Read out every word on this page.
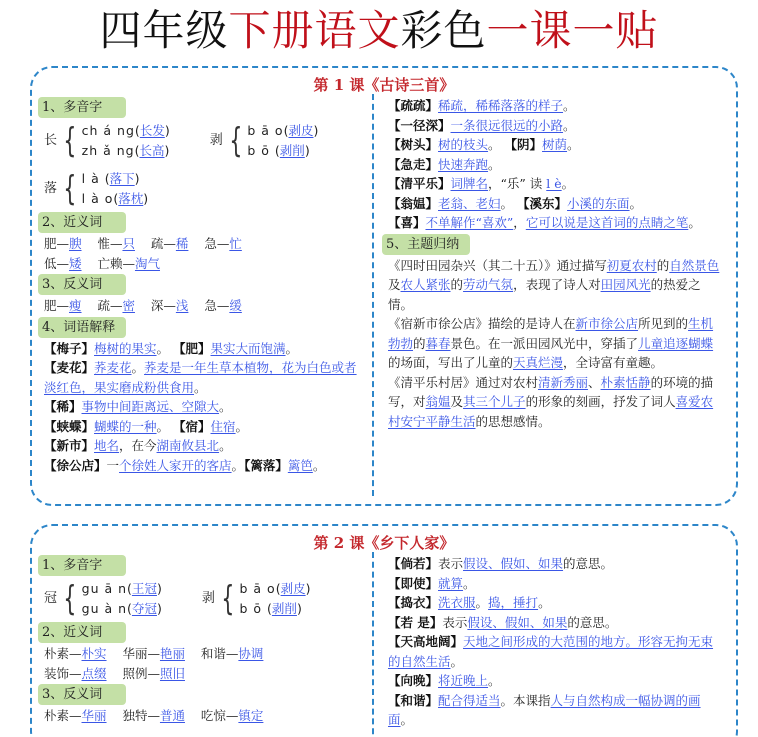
四年级下册语文彩色一课一贴
第 1 课《古诗三首》
1、多音字
长 { ch á ng(长发)
zh ǎ ng(长高)
剥 { b ā o(剥皮)
b ō (剥削)
落 { l à (落下)
l à o(落枕)
2、近义词
肥—腴 惟—只 疏—稀 急—忙
低—矮 亡赖—淘气
3、反义词
肥—瘦 疏—密 深—浅 急—缓
4、词语解释
【梅子】梅树的果实。 【肥】果实大而饱满。
【麦花】荞麦花。荞麦是一年生草本植物，花为白色或者淡红色，果实磨成粉供食用。
【稀】事物中间距离远、空隙大。
【蛱蝶】蝴蝶的一种。 【宿】住宿。
【新市】地名，在今湖南攸县北。
【徐公店】一个徐姓人家开的客店。【篱落】篱笆。
【疏疏】稀疏，稀稀落落的样子。
【一径深】一条很远很远的小路。
【树头】树的枝头。 【阴】树荫。
【急走】快速奔跑。
【清平乐】词牌名，“乐” 读 l è。
【翁媪】老翁、老妇。 【溪东】小溪的东面。
【喜】不单解作“喜欢”，它可以说是这首词的点睛之笔。
5、主题归纳
《四时田园杂兴（其二十五）》通过描写初夏农村的自然景色及农人紧张的劳动气氛，表现了诗人对田园风光的热爱之情。
《宿新市徐公店》描绘的是诗人在新市徐公店所见到的生机勃勃的暮春景色。在一派田园风光中，穿插了儿童追逐蝴蝶的场面，写出了儿童的天真烂漫，全诗富有童趣。
《清平乐村居》通过对农村清新秀丽、朴素恬静的环境的描写，对翁媪及其三个儿子的形象的刻画，抒发了词人喜爱农村安宁平静生活的思想感情。
第 2 课《乡下人家》
1、多音字
冠 { gu ā n(王冠)
gu à n(夺冠)
剥 { b ā o(剥皮)
b ō (剥削)
2、近义词
朴素—朴实 华丽—艳丽 和谐—协调
装饰—点缀 照例—照旧
3、反义词
朴素—华丽 独特—普通 吃惊—镇定
【倘若】表示假设、假如、如果的意思。
【即使】就算。
【捣衣】洗衣服。捣，捶打。
【若 是】表示假设、假如、如果的意思。
【天高地阔】天地之间形成的大范围的地方。形容无拘无束的自然生活。
【向晚】将近晚上。
【和谐】配合得适当。本课指人与自然构成一幅协调的画面。
